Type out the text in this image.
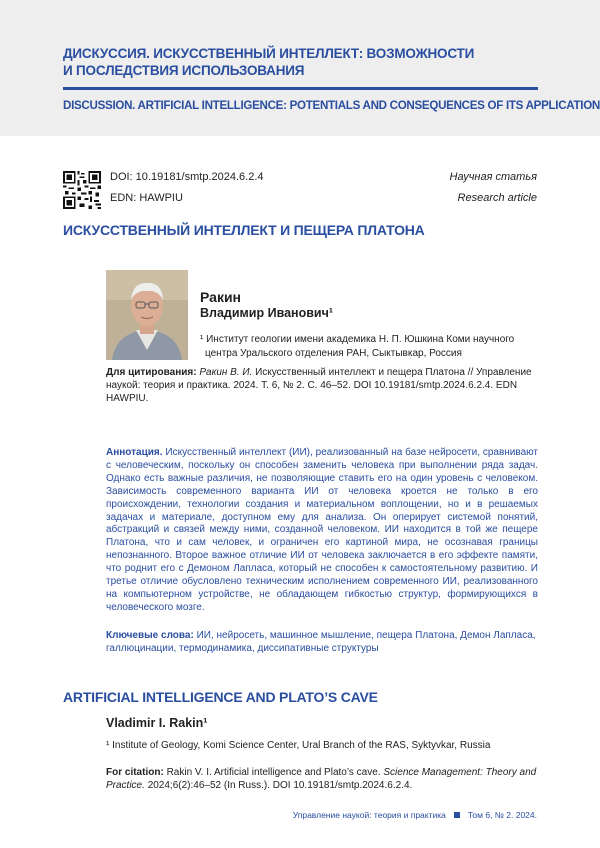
ДИСКУССИЯ. ИСКУССТВЕННЫЙ ИНТЕЛЛЕКТ: ВОЗМОЖНОСТИ
И ПОСЛЕДСТВИЯ ИСПОЛЬЗОВАНИЯ
DISCUSSION. ARTIFICIAL INTELLIGENCE: POTENTIALS AND CONSEQUENCES OF ITS APPLICATION
DOI: 10.19181/smtp.2024.6.2.4
EDN: HAWPIU
Научная статья
Research article
ИСКУССТВЕННЫЙ ИНТЕЛЛЕКТ И ПЕЩЕРА ПЛАТОНА
Ракин
Владимир Иванович¹
¹ Институт геологии имени академика Н. П. Юшкина Коми научного
центра Уральского отделения РАН, Сыктывкар, Россия
Для цитирования: Ракин В. И. Искусственный интеллект и пещера Платона // Управление наукой: теория и практика. 2024. Т. 6, № 2. С. 46–52. DOI 10.19181/smtp.2024.6.2.4. EDN HAWPIU.
Аннотация. Искусственный интеллект (ИИ), реализованный на базе нейросети, сравнивают с человеческим, поскольку он способен заменить человека при выполнении ряда задач. Однако есть важные различия, не позволяющие ставить его на один уровень с человеком. Зависимость современного варианта ИИ от человека кроется не только в его происхождении, технологии создания и материальном воплощении, но и в решаемых задачах и материале, доступном ему для анализа. Он оперирует системой понятий, абстракций и связей между ними, созданной человеком. ИИ находится в той же пещере Платона, что и сам человек, и ограничен его картиной мира, не осознавая границы непознанного. Второе важное отличие ИИ от человека заключается в его эффекте памяти, что роднит его с Демоном Лапласа, который не способен к самостоятельному развитию. И третье отличие обусловлено техническим исполнением современного ИИ, реализованного на компьютерном устройстве, не обладающем гибкостью структур, формирующихся в человеческого мозге.
Ключевые слова: ИИ, нейросеть, машинное мышление, пещера Платона, Демон Лапласа, галлюцинации, термодинамика, диссипативные структуры
ARTIFICIAL INTELLIGENCE AND PLATO’S CAVE
Vladimir I. Rakin¹
¹ Institute of Geology, Komi Science Center, Ural Branch of the RAS, Syktyvkar, Russia
For citation: Rakin V. I. Artificial intelligence and Plato’s cave. Science Management: Theory and Practice. 2024;6(2):46–52 (In Russ.). DOI 10.19181/smtp.2024.6.2.4.
Управление наукой: теория и практика	Том 6, № 2. 2024.
